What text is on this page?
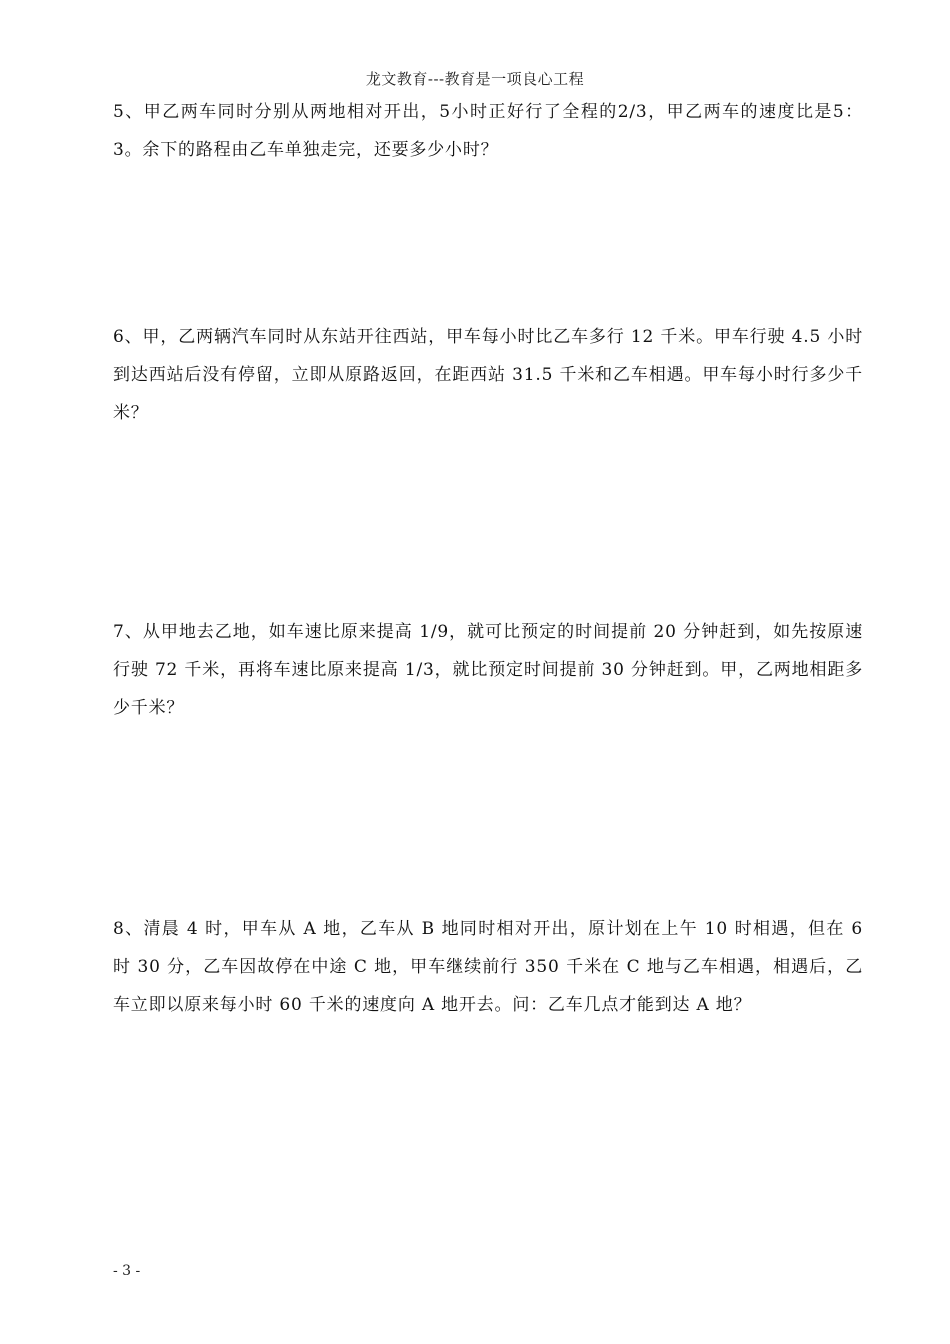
龙文教育---教育是一项良心工程

5、甲乙两车同时分别从两地相对开出，5小时正好行了全程的2/3，甲乙两车的速度比是5：3。余下的路程由乙车单独走完，还要多少小时？

6、甲，乙两辆汽车同时从东站开往西站，甲车每小时比乙车多行 12 千米。甲车行驶 4.5 小时到达西站后没有停留，立即从原路返回，在距西站 31.5 千米和乙车相遇。甲车每小时行多少千米？

7、从甲地去乙地，如车速比原来提高 1/9，就可比预定的时间提前 20 分钟赶到，如先按原速行驶 72 千米，再将车速比原来提高 1/3，就比预定时间提前 30 分钟赶到。甲，乙两地相距多少千米？

8、清晨 4 时，甲车从 A 地，乙车从 B 地同时相对开出，原计划在上午 10 时相遇，但在 6 时 30 分，乙车因故停在中途 C 地，甲车继续前行 350 千米在 C 地与乙车相遇，相遇后，乙车立即以原来每小时 60 千米的速度向 A 地开去。问：乙车几点才能到达 A 地？

- 3 -
